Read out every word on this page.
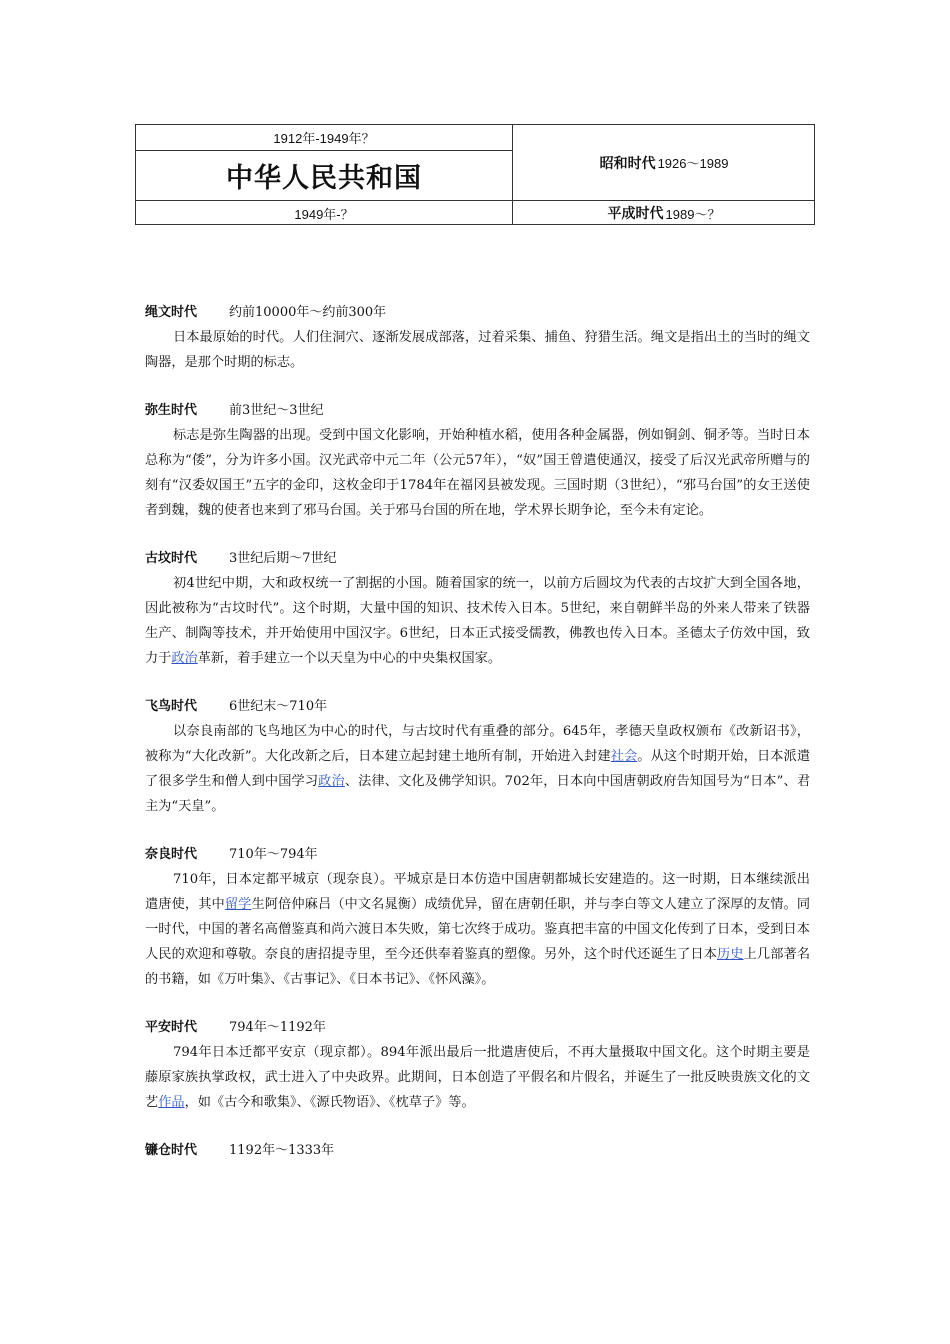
1912年-1949年？
中华人民共和国
1949年-？
昭和时代 1926～1989
平成时代 1989～？
绳文时代 约前10000年～约前300年

日本最原始的时代。人们住洞穴、逐渐发展成部落，过着采集、捕鱼、狩猎生活。绳文是指出土的当时的绳文陶器，是那个时期的标志。

弥生时代 前3世纪～3世纪

标志是弥生陶器的出现。受到中国文化影响，开始种植水稻，使用各种金属器，例如铜剑、铜矛等。当时日本总称为“倭”，分为许多小国。汉光武帝中元二年（公元57年），“奴”国王曾遣使通汉，接受了后汉光武帝所赠与的刻有“汉委奴国王”五字的金印，这枚金印于1784年在福冈县被发现。三国时期（3世纪），“邪马台国”的女王送使者到魏，魏的使者也来到了邪马台国。关于邪马台国的所在地，学术界长期争论，至今未有定论。

古坟时代 3世纪后期～7世纪

初4世纪中期，大和政权统一了割据的小国。随着国家的统一，以前方后圆坟为代表的古坟扩大到全国各地，因此被称为“古坟时代”。这个时期，大量中国的知识、技术传入日本。5世纪，来自朝鲜半岛的外来人带来了铁器生产、制陶等技术，并开始使用中国汉字。6世纪，日本正式接受儒教，佛教也传入日本。圣德太子仿效中国，致力于政治革新，着手建立一个以天皇为中心的中央集权国家。

飞鸟时代 6世纪末～710年

以奈良南部的飞鸟地区为中心的时代，与古坟时代有重叠的部分。645年，孝德天皇政权颁布《改新诏书》，被称为“大化改新”。大化改新之后，日本建立起封建土地所有制，开始进入封建社会。从这个时期开始，日本派遣了很多学生和僧人到中国学习政治、法律、文化及佛学知识。702年，日本向中国唐朝政府告知国号为“日本”、君主为“天皇”。

奈良时代 710年～794年

710年，日本定都平城京（现奈良）。平城京是日本仿造中国唐朝都城长安建造的。这一时期，日本继续派出遣唐使，其中留学生阿倍仲麻吕（中文名晁衡）成绩优异，留在唐朝任职，并与李白等文人建立了深厚的友情。同一时代，中国的著名高僧鉴真和尚六渡日本失败，第七次终于成功。鉴真把丰富的中国文化传到了日本，受到日本人民的欢迎和尊敬。奈良的唐招提寺里，至今还供奉着鉴真的塑像。另外，这个时代还诞生了日本历史上几部著名的书籍，如《万叶集》、《古事记》、《日本书记》、《怀风藻》。

平安时代 794年～1192年

794年日本迁都平安京（现京都）。894年派出最后一批遣唐使后，不再大量摄取中国文化。这个时期主要是藤原家族执掌政权，武士进入了中央政界。此期间，日本创造了平假名和片假名，并诞生了一批反映贵族文化的文艺作品，如《古今和歌集》、《源氏物语》、《枕草子》等。

镰仓时代 1192年～1333年
